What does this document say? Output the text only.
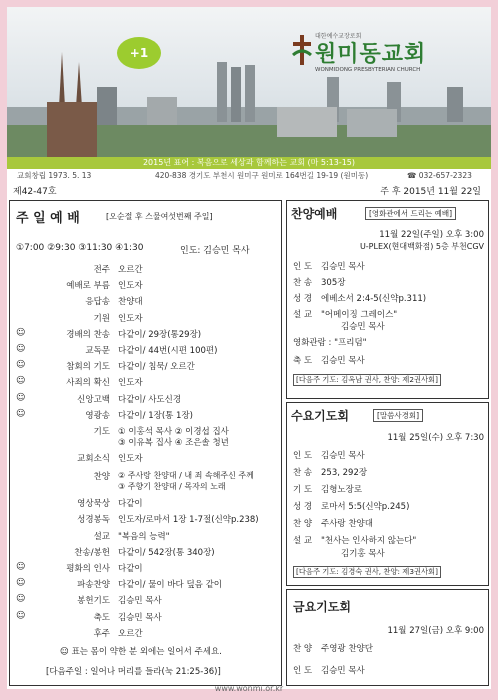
+1
대한예수교장로회
원미동교회
WONMIDONG PRESBYTERIAN CHURCH
2015년 표어 : 복음으로 세상과 함께하는 교회 (마 5:13-15)
교회창립 1973. 5. 13	420-838 경기도 부천시 원미구 원미로 164번길 19-19 (원미동)	☎ 032-657-2323
제42-47호	주 후 2015년 11월 22일
주 일 예 배	[오순절 후 스물여섯번째 주일]
①7:00 ②9:30 ③11:30 ④1:30	인도: 김승민 목사
전주 오르간
예배로 부름 인도자
응답송 찬양대
기원 인도자
☺	경배의 찬송 다같이/ 29장(통29장)
☺	교독문 다같이/ 44번(시편 100편)
☺	참회의 기도 다같이/ 침묵/ 오르간
☺	사죄의 확신 인도자
☺	신앙고백 다같이/ 사도신경
☺	영광송 다같이/ 1장(통 1장)
기도 ① 이홍석 목사 ② 이경섭 집사
③ 이유복 집사 ④ 조은솔 청년
교회소식 인도자
찬양 ② 주사랑 찬양대 / 내 죄 속해주신 주께
③ 주향기 찬양대 / 목자의 노래
영상묵상 다같이
성경봉독 인도자/로마서 1장 1-7절(신약p.238)
설교 "복음의 능력"
찬송/봉헌 다같이/ 542장(통 340장)
☺	평화의 인사 다같이
☺	파송찬양 다같이/ 물이 바다 덮음 같이
☺	봉헌기도 김승민 목사
☺	축도 김승민 목사
후주 오르간
☺ 표는 몸이 약한 분 외에는 일어서 주세요.
[다음주일 : 일어나 머리를 들라(눅 21:25-36)]
찬양예배	[영화관에서 드리는 예배]
11월 22일(주일) 오후 3:00
U-PLEX(현대백화점) 5층 부천CGV
인 도 김승민 목사
찬 송 305장
성 경 에베소서 2:4-5(신약p.311)
설 교 "어메이징 그레이스"
김승민 목사
영화관람 : "프리덤"
축 도 김승민 목사
[다음주 기도: 김옥남 권사, 찬양: 제2권사회]
수요기도회	[말씀사경회]
11월 25일(수) 오후 7:30
인 도 김승민 목사
찬 송 253, 292장
기 도 김형노장로
성 경 로마서 5:5(신약p.245)
찬 양 주사랑 찬양대
설 교 "천사는 인사하지 않는다"
김기홍 목사
[다음주 기도: 김경숙 권사, 찬양: 제3권사회]
금요기도회
11월 27일(금) 오후 9:00
찬 양 주영광 찬양단
인 도 김승민 목사
www.wonmi.or.kr
